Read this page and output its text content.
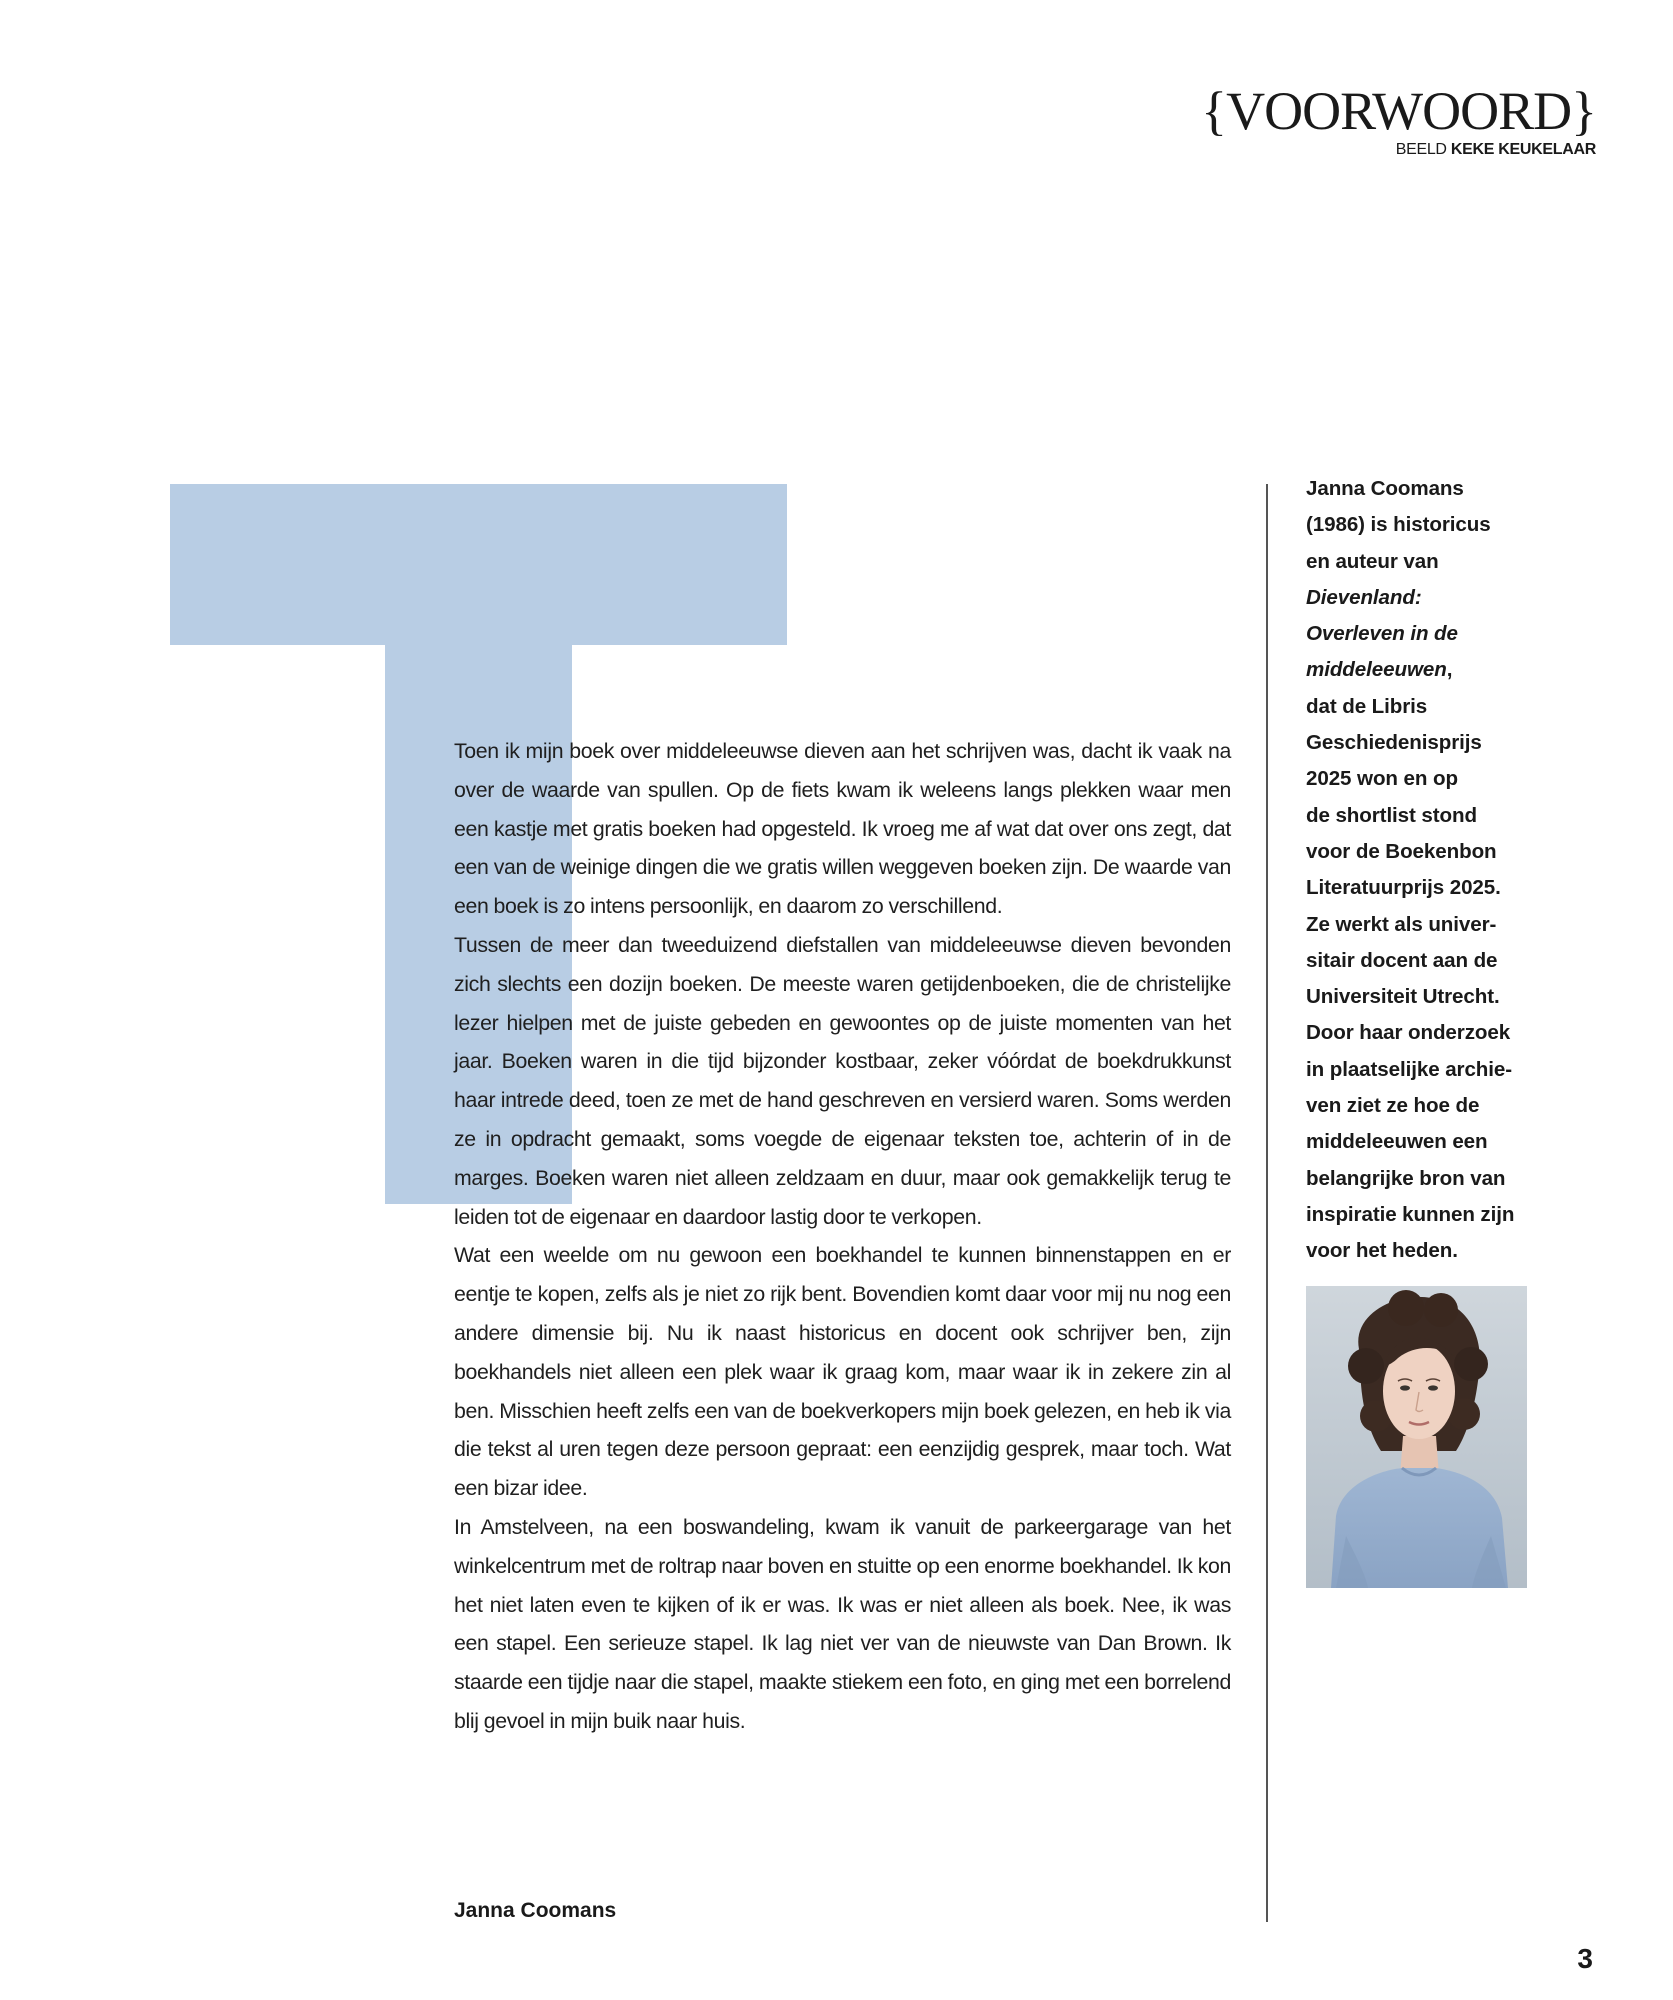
{VOORWOORD}
BEELD KEKE KEUKELAAR

Toen ik mijn boek over middeleeuwse dieven aan het schrijven was, dacht ik vaak na over de waarde van spullen. Op de fiets kwam ik weleens langs plekken waar men een kastje met gratis boeken had opgesteld. Ik vroeg me af wat dat over ons zegt, dat een van de weinige dingen die we gratis willen weggeven boeken zijn. De waarde van een boek is zo intens persoonlijk, en daarom zo verschillend.

Tussen de meer dan tweeduizend diefstallen van middeleeuwse dieven bevonden zich slechts een dozijn boeken. De meeste waren getijdenboeken, die de christelijke lezer hielpen met de juiste gebeden en gewoontes op de juiste momenten van het jaar. Boeken waren in die tijd bijzonder kostbaar, zeker vóórdat de boekdrukkunst haar intrede deed, toen ze met de hand geschreven en versierd waren. Soms werden ze in opdracht gemaakt, soms voegde de eigenaar teksten toe, achterin of in de marges. Boeken waren niet alleen zeldzaam en duur, maar ook gemakkelijk terug te leiden tot de eigenaar en daardoor lastig door te verkopen.

Wat een weelde om nu gewoon een boekhandel te kunnen binnenstappen en er eentje te kopen, zelfs als je niet zo rijk bent. Bovendien komt daar voor mij nu nog een andere dimensie bij. Nu ik naast historicus en docent ook schrijver ben, zijn boekhandels niet alleen een plek waar ik graag kom, maar waar ik in zekere zin al ben. Misschien heeft zelfs een van de boekverkopers mijn boek gelezen, en heb ik via die tekst al uren tegen deze persoon gepraat: een eenzijdig gesprek, maar toch. Wat een bizar idee.

In Amstelveen, na een boswandeling, kwam ik vanuit de parkeergarage van het winkelcentrum met de roltrap naar boven en stuitte op een enorme boekhandel. Ik kon het niet laten even te kijken of ik er was. Ik was er niet alleen als boek. Nee, ik was een stapel. Een serieuze stapel. Ik lag niet ver van de nieuwste van Dan Brown. Ik staarde een tijdje naar die stapel, maakte stiekem een foto, en ging met een borrelend blij gevoel in mijn buik naar huis.

Janna Coomans
Janna Coomans
(1986) is historicus
en auteur van
Dievenland:
Overleven in de
middeleeuwen,
dat de Libris
Geschiedenisprijs
2025 won en op
de shortlist stond
voor de Boekenbon
Literatuurprijs 2025.
Ze werkt als univer-
sitair docent aan de
Universiteit Utrecht.
Door haar onderzoek
in plaatselijke archie-
ven ziet ze hoe de
middeleeuwen een
belangrijke bron van
inspiratie kunnen zijn
voor het heden.
3
